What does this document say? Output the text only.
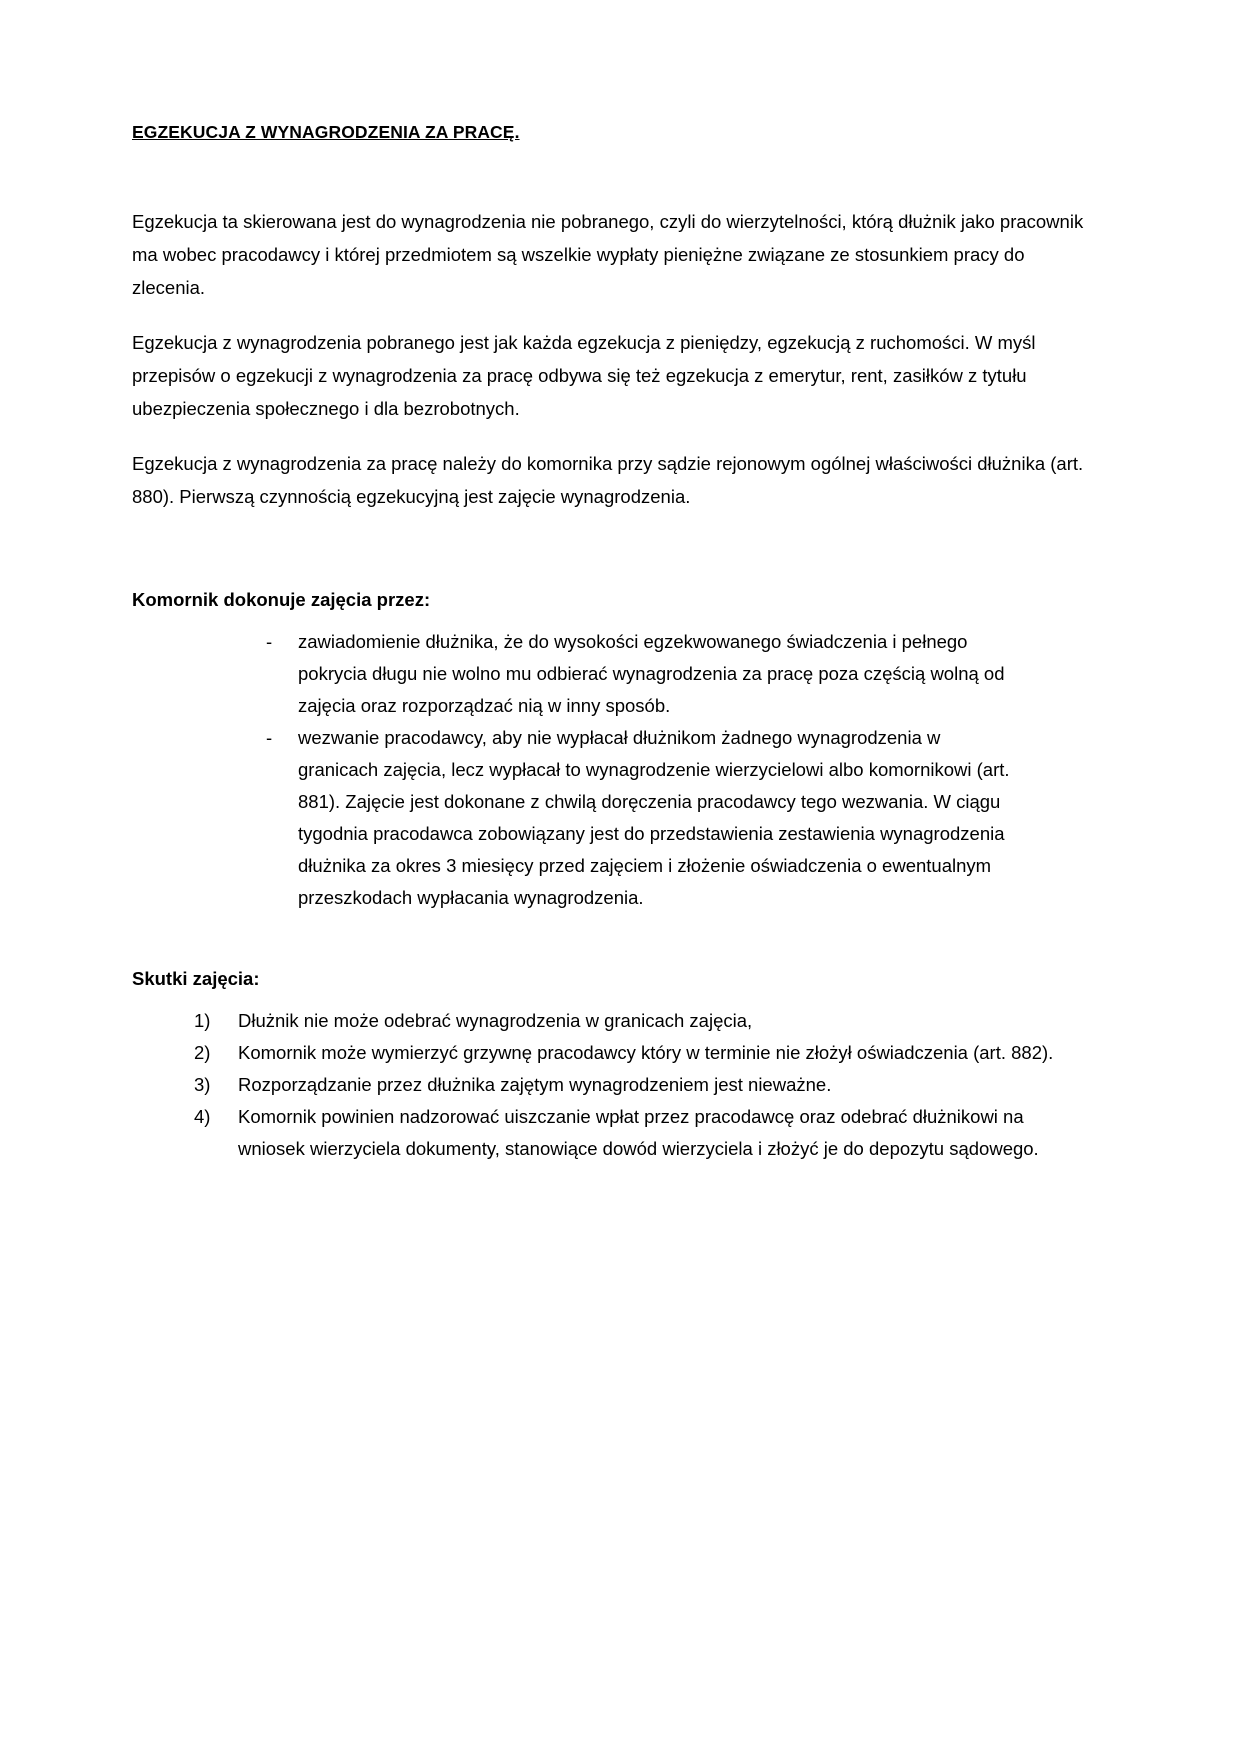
EGZEKUCJA Z WYNAGRODZENIA ZA PRACĘ.

Egzekucja ta skierowana jest do wynagrodzenia nie pobranego, czyli do wierzytelności, którą dłużnik jako pracownik ma wobec pracodawcy i której przedmiotem są wszelkie wypłaty pieniężne związane ze stosunkiem pracy do zlecenia.

Egzekucja z wynagrodzenia pobranego jest jak każda egzekucja z pieniędzy, egzekucją z ruchomości. W myśl przepisów o egzekucji z wynagrodzenia za pracę odbywa się też egzekucja z emerytur, rent, zasiłków z tytułu ubezpieczenia społecznego i dla bezrobotnych.

Egzekucja z wynagrodzenia za pracę należy do komornika przy sądzie rejonowym ogólnej właściwości dłużnika (art. 880). Pierwszą czynnością egzekucyjną jest zajęcie wynagrodzenia.

Komornik dokonuje zajęcia przez:
- zawiadomienie dłużnika, że do wysokości egzekwowanego świadczenia i pełnego pokrycia długu nie wolno mu odbierać wynagrodzenia za pracę poza częścią wolną od zajęcia oraz rozporządzać nią w inny sposób.
- wezwanie pracodawcy, aby nie wypłacał dłużnikom żadnego wynagrodzenia w granicach zajęcia, lecz wypłacał to wynagrodzenie wierzycielowi albo komornikowi (art. 881). Zajęcie jest dokonane z chwilą doręczenia pracodawcy tego wezwania. W ciągu tygodnia pracodawca zobowiązany jest do przedstawienia zestawienia wynagrodzenia dłużnika za okres 3 miesięcy przed zajęciem i złożenie oświadczenia o ewentualnym przeszkodach wypłacania wynagrodzenia.
Skutki zajęcia:
Dłużnik nie może odebrać wynagrodzenia w granicach zajęcia,
Komornik może wymierzyć grzywnę pracodawcy który w terminie nie złożył oświadczenia (art. 882).
Rozporządzanie przez dłużnika zajętym wynagrodzeniem jest nieważne.
Komornik powinien nadzorować uiszczanie wpłat przez pracodawcę oraz odebrać dłużnikowi na wniosek wierzyciela dokumenty, stanowiące dowód wierzyciela i złożyć je do depozytu sądowego.
